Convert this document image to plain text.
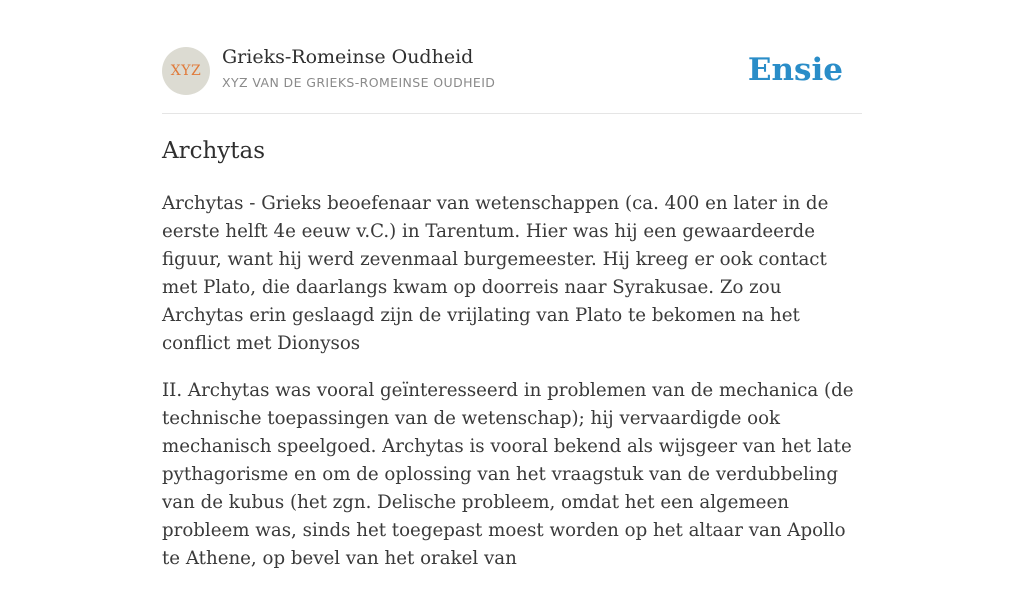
XYZ
Grieks-Romeinse Oudheid
XYZ VAN DE GRIEKS-ROMEINSE OUDHEID	Ensie
Archytas

Archytas - Grieks beoefenaar van wetenschappen (ca. 400 en later in de eerste helft 4e eeuw v.C.) in Tarentum. Hier was hij een gewaardeerde figuur, want hij werd zevenmaal burgemeester. Hij kreeg er ook contact met Plato, die daarlangs kwam op doorreis naar Syrakusae. Zo zou Archytas erin geslaagd zijn de vrijlating van Plato te bekomen na het conflict met Dionysos

II. Archytas was vooral geïnteresseerd in problemen van de mechanica (de technische toepassingen van de wetenschap); hij vervaardigde ook mechanisch speelgoed. Archytas is vooral bekend als wijsgeer van het late pythagorisme en om de oplossing van het vraagstuk van de verdubbeling van de kubus (het zgn. Delische probleem, omdat het een algemeen probleem was, sinds het toegepast moest worden op het altaar van Apollo te Athene, op bevel van het orakel van
